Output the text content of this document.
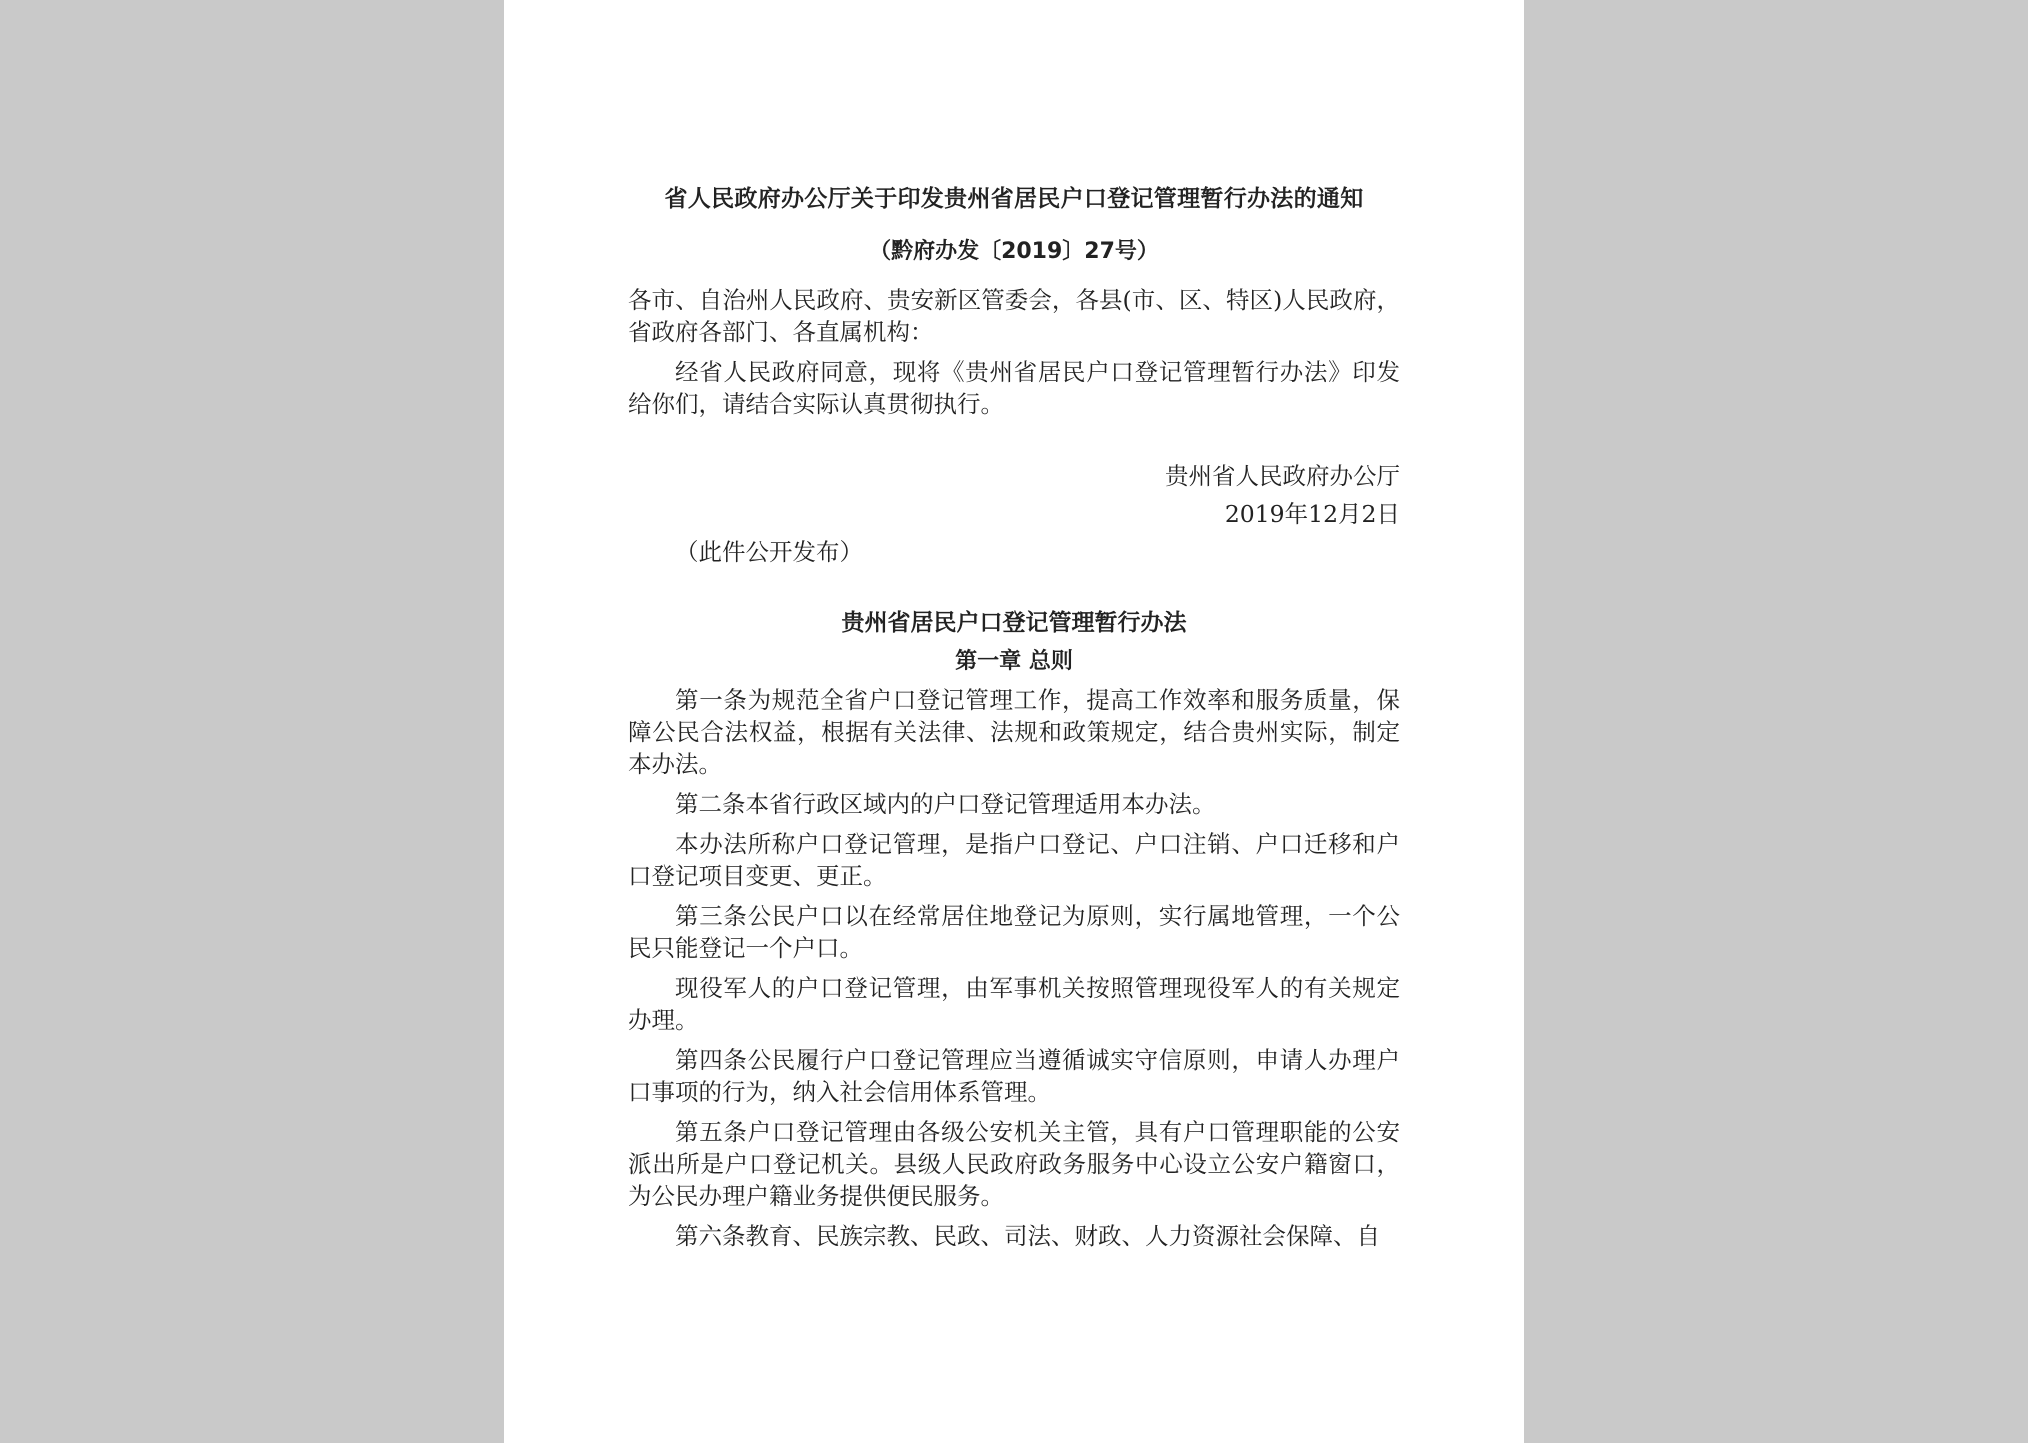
省人民政府办公厅关于印发贵州省居民户口登记管理暂行办法的通知
（黔府办发〔2019〕27号）

各市、自治州人民政府、贵安新区管委会，各县(市、区、特区)人民政府，省政府各部门、各直属机构：

经省人民政府同意，现将《贵州省居民户口登记管理暂行办法》印发给你们，请结合实际认真贯彻执行。

贵州省人民政府办公厅
2019年12月2日

（此件公开发布）

贵州省居民户口登记管理暂行办法
第一章 总则

第一条为规范全省户口登记管理工作，提高工作效率和服务质量，保障公民合法权益，根据有关法律、法规和政策规定，结合贵州实际，制定本办法。

第二条本省行政区域内的户口登记管理适用本办法。

本办法所称户口登记管理，是指户口登记、户口注销、户口迁移和户口登记项目变更、更正。

第三条公民户口以在经常居住地登记为原则，实行属地管理，一个公民只能登记一个户口。

现役军人的户口登记管理，由军事机关按照管理现役军人的有关规定办理。

第四条公民履行户口登记管理应当遵循诚实守信原则，申请人办理户口事项的行为，纳入社会信用体系管理。

第五条户口登记管理由各级公安机关主管，具有户口管理职能的公安派出所是户口登记机关。县级人民政府政务服务中心设立公安户籍窗口，为公民办理户籍业务提供便民服务。

第六条教育、民族宗教、民政、司法、财政、人力资源社会保障、自
